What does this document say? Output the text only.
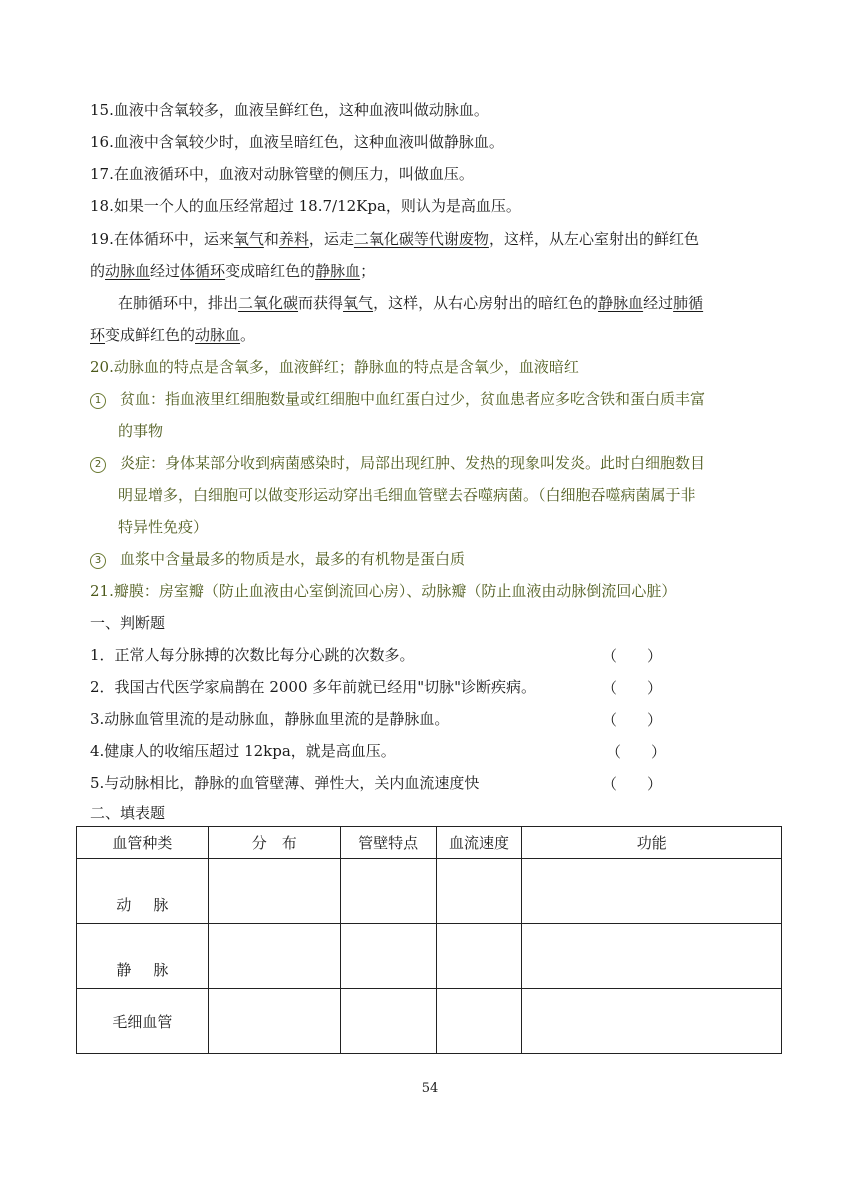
15.血液中含氧较多，血液呈鲜红色，这种血液叫做动脉血。
16.血液中含氧较少时，血液呈暗红色，这种血液叫做静脉血。
17.在血液循环中，血液对动脉管壁的侧压力，叫做血压。
18.如果一个人的血压经常超过 18.7/12Kpa，则认为是高血压。
19.在体循环中，运来氧气和养料，运走二氧化碳等代谢废物，这样，从左心室射出的鲜红色
的动脉血经过体循环变成暗红色的静脉血；
在肺循环中，排出二氧化碳而获得氧气，这样，从右心房射出的暗红色的静脉血经过肺循
环变成鲜红色的动脉血。
20.动脉血的特点是含氧多，血液鲜红；静脉血的特点是含氧少，血液暗红
1 贫血：指血液里红细胞数量或红细胞中血红蛋白过少，贫血患者应多吃含铁和蛋白质丰富
的事物
2 炎症：身体某部分收到病菌感染时，局部出现红肿、发热的现象叫发炎。此时白细胞数目
明显增多，白细胞可以做变形运动穿出毛细血管壁去吞噬病菌。（白细胞吞噬病菌属于非
特异性免疫）
3 血浆中含量最多的物质是水，最多的有机物是蛋白质
21.瓣膜：房室瓣（防止血液由心室倒流回心房）、动脉瓣（防止血液由动脉倒流回心脏）
一、判断题
1．正常人每分脉搏的次数比每分心跳的次数多。	（　　）
2．我国古代医学家扁鹊在 2000 多年前就已经用"切脉"诊断疾病。	（　　）
3.动脉血管里流的是动脉血，静脉血里流的是静脉血。	（　　）
4.健康人的收缩压超过 12kpa，就是高血压。	（　　）
5.与动脉相比，静脉的血管壁薄、弹性大，关内血流速度快	（　　）
二、填表题
血管种类	分　布	管壁特点	血流速度	功能

动脉				

静脉				

毛细血管				
54
